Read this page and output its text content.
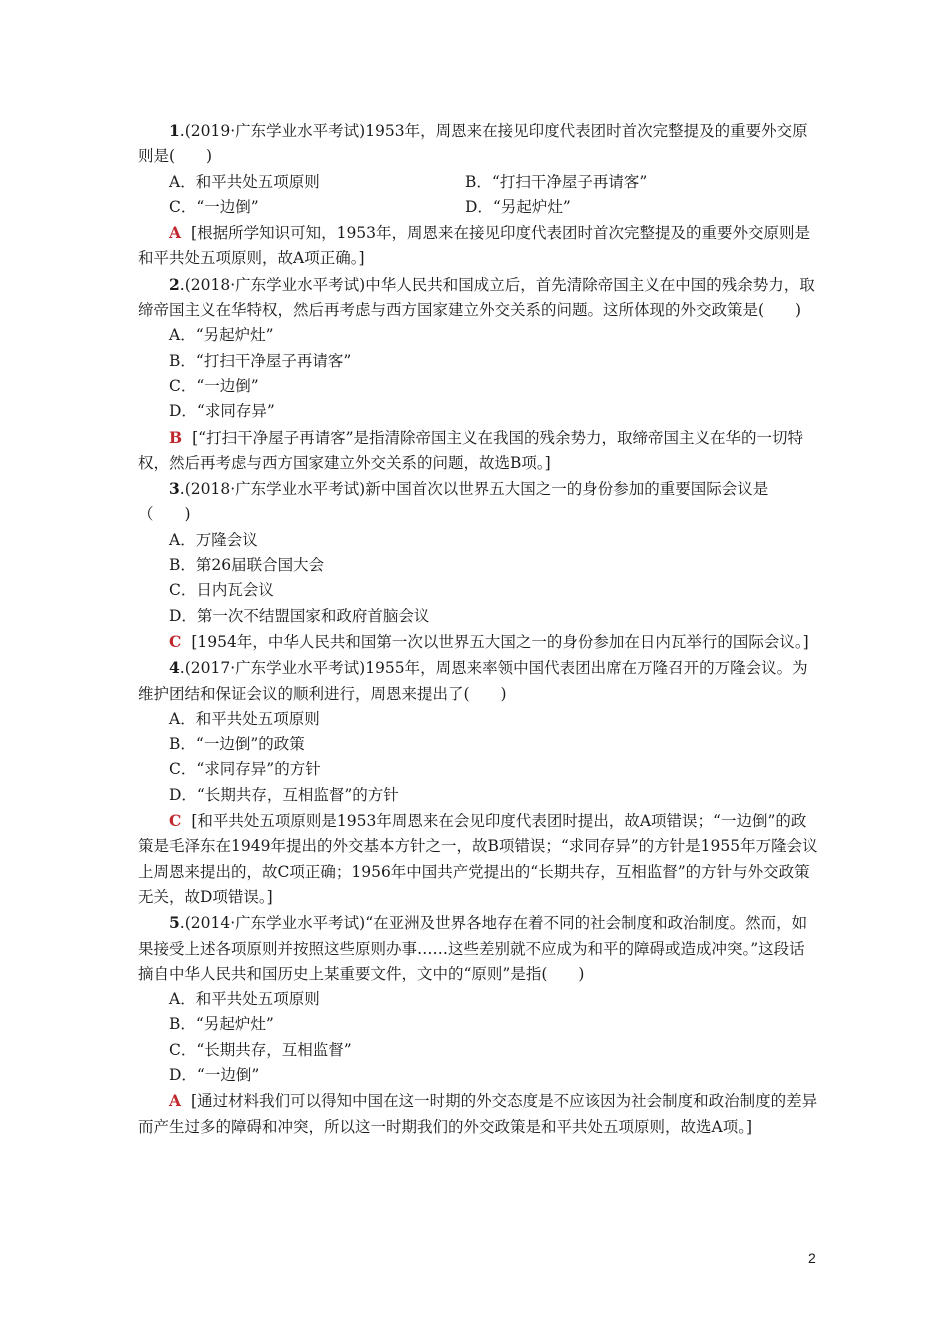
1.(2019·广东学业水平考试)1953年，周恩来在接见印度代表团时首次完整提及的重要外交原则是(　　)

A．和平共处五项原则	B．“打扫干净屋子再请客”
C．“一边倒”	D．“另起炉灶”

A [根据所学知识可知，1953年，周恩来在接见印度代表团时首次完整提及的重要外交原则是和平共处五项原则，故A项正确。]

2.(2018·广东学业水平考试)中华人民共和国成立后，首先清除帝国主义在中国的残余势力，取缔帝国主义在华特权，然后再考虑与西方国家建立外交关系的问题。这所体现的外交政策是(　　)

A．“另起炉灶”

B．“打扫干净屋子再请客”

C．“一边倒”

D．“求同存异”

B [“打扫干净屋子再请客”是指清除帝国主义在我国的残余势力，取缔帝国主义在华的一切特权，然后再考虑与西方国家建立外交关系的问题，故选B项。]

3.(2018·广东学业水平考试)新中国首次以世界五大国之一的身份参加的重要国际会议是（　　)

A．万隆会议

B．第26届联合国大会

C．日内瓦会议

D．第一次不结盟国家和政府首脑会议

C [1954年，中华人民共和国第一次以世界五大国之一的身份参加在日内瓦举行的国际会议。]

4.(2017·广东学业水平考试)1955年，周恩来率领中国代表团出席在万隆召开的万隆会议。为维护团结和保证会议的顺利进行，周恩来提出了(　　)

A．和平共处五项原则

B．“一边倒”的政策

C．“求同存异”的方针

D．“长期共存，互相监督”的方针

C [和平共处五项原则是1953年周恩来在会见印度代表团时提出，故A项错误；“一边倒”的政策是毛泽东在1949年提出的外交基本方针之一，故B项错误；“求同存异”的方针是1955年万隆会议上周恩来提出的，故C项正确；1956年中国共产党提出的“长期共存，互相监督”的方针与外交政策无关，故D项错误。]

5.(2014·广东学业水平考试)“在亚洲及世界各地存在着不同的社会制度和政治制度。然而，如果接受上述各项原则并按照这些原则办事……这些差别就不应成为和平的障碍或造成冲突。”这段话摘自中华人民共和国历史上某重要文件，文中的“原则”是指(　　)

A．和平共处五项原则

B．“另起炉灶”

C．“长期共存，互相监督”

D．“一边倒”

A [通过材料我们可以得知中国在这一时期的外交态度是不应该因为社会制度和政治制度的差异而产生过多的障碍和冲突，所以这一时期我们的外交政策是和平共处五项原则，故选A项。]

2
